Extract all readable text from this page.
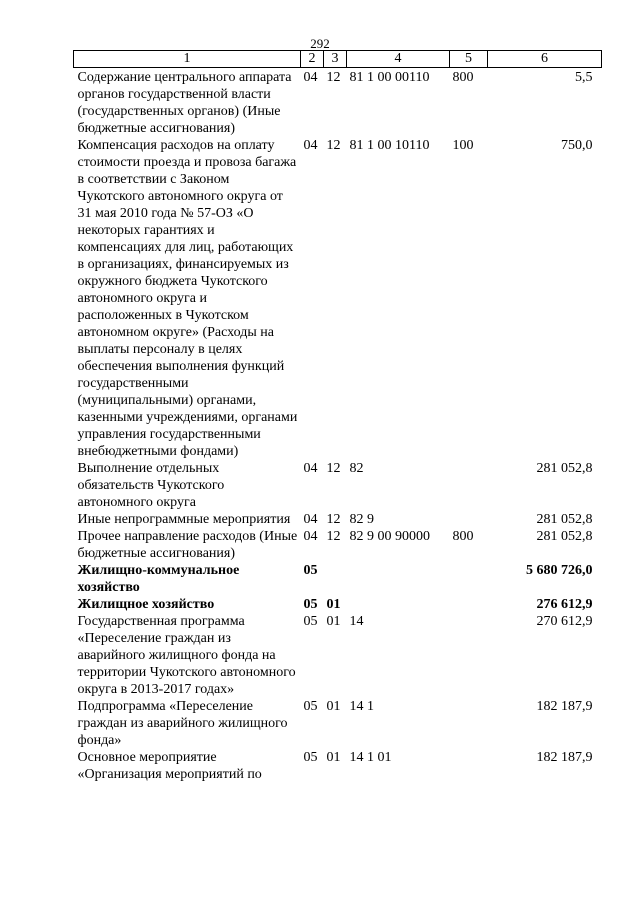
292
1	2	3	4	5	6
Содержание центрального аппарата органов государственной власти (государственных органов) (Иные бюджетные ассигнования)	04	12	81 1 00 00110	800	5,5
Компенсация расходов на оплату стоимости проезда и провоза багажа в соответствии с Законом Чукотского автономного округа от 31 мая 2010 года № 57-ОЗ «О некоторых гарантиях и компенсациях для лиц, работающих в организациях, финансируемых из окружного бюджета Чукотского автономного округа и расположенных в Чукотском автономном округе» (Расходы на выплаты персоналу в целях обеспечения выполнения функций государственными (муниципальными) органами, казенными учреждениями, органами управления государственными внебюджетными фондами)	04	12	81 1 00 10110	100	750,0
Выполнение отдельных обязательств Чукотского автономного округа	04	12	82		281 052,8
Иные непрограммные мероприятия	04	12	82 9		281 052,8
Прочее направление расходов (Иные бюджетные ассигнования)	04	12	82 9 00 90000	800	281 052,8
Жилищно-коммунальное хозяйство	05				5 680 726,0
Жилищное хозяйство	05	01			276 612,9
Государственная программа «Переселение граждан из аварийного жилищного фонда на территории Чукотского автономного округа в 2013-2017 годах»	05	01	14		270 612,9
Подпрограмма «Переселение граждан из аварийного жилищного фонда»	05	01	14 1		182 187,9
Основное мероприятие «Организация мероприятий по	05	01	14 1 01		182 187,9
